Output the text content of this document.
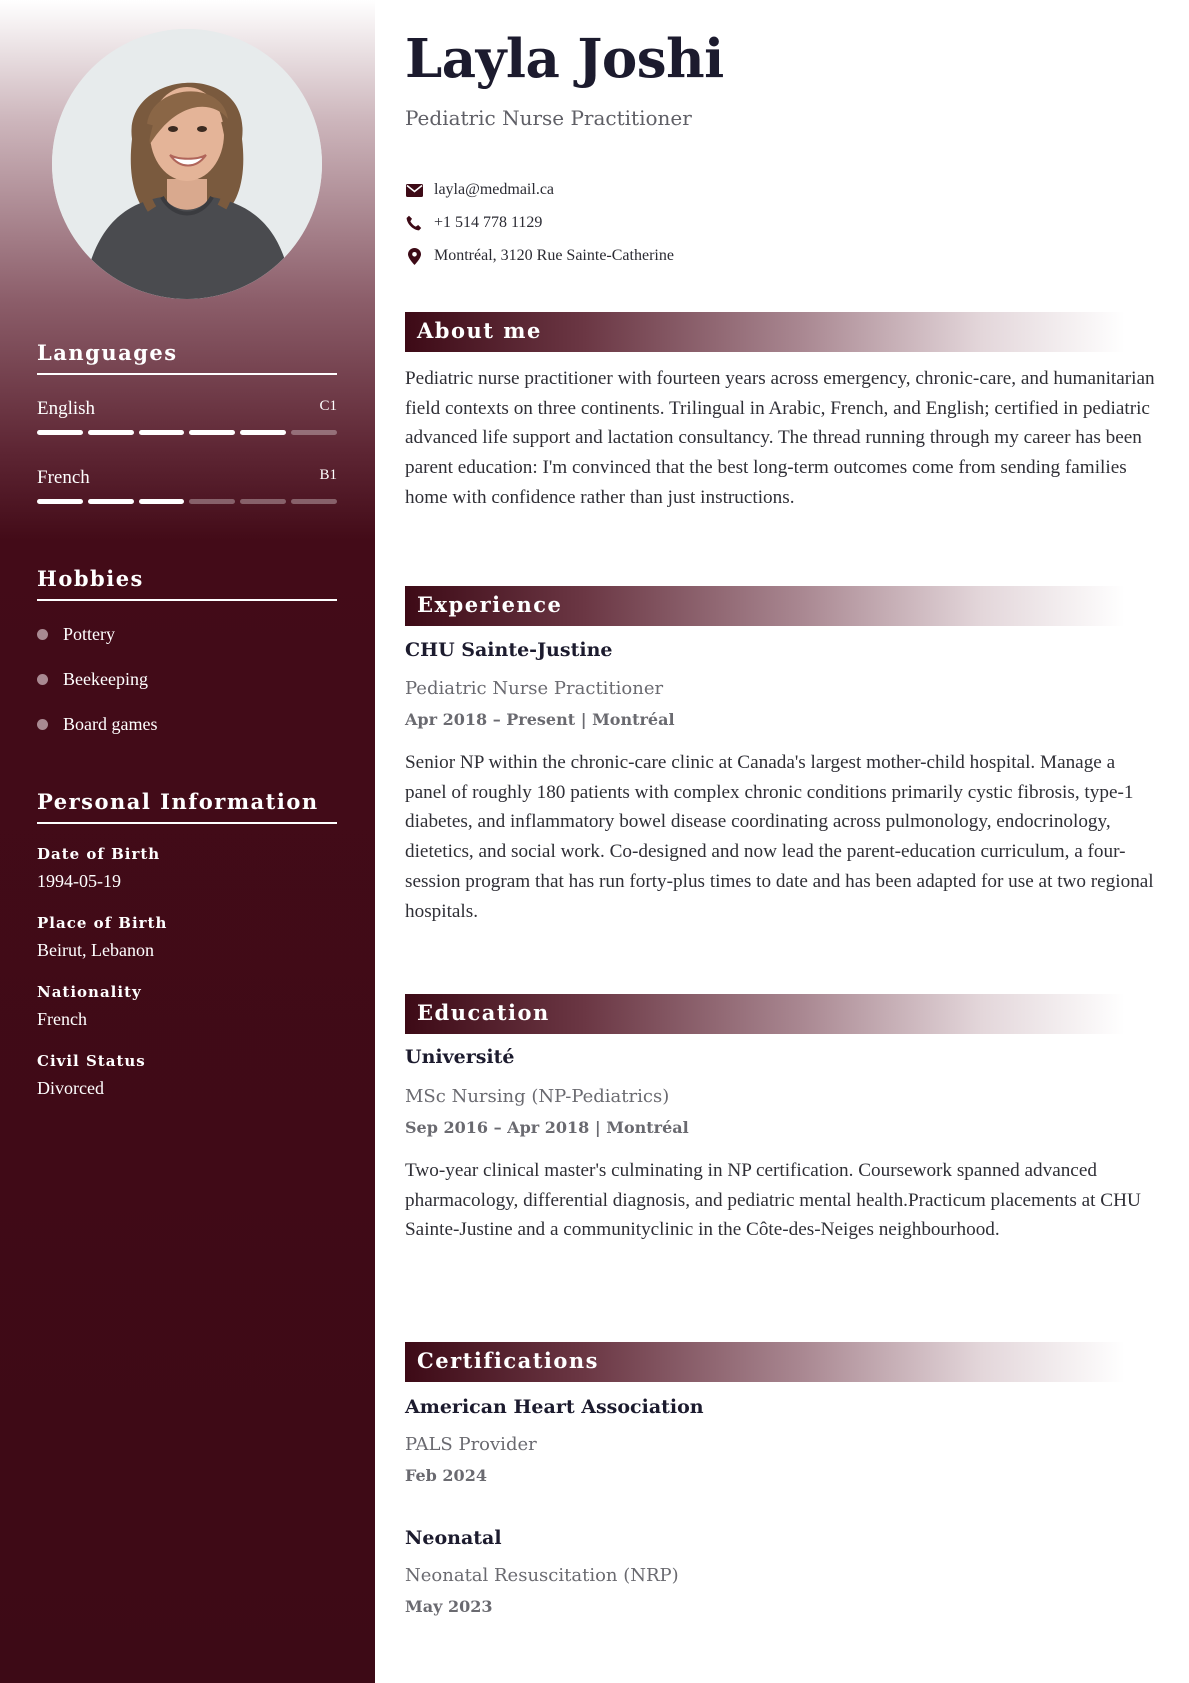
Languages
English	C1
French	B1
Hobbies
Pottery
Beekeeping
Board games
Personal Information
Date of Birth
1994-05-19
Place of Birth
Beirut, Lebanon
Nationality
French
Civil Status
Divorced
Layla Joshi
Pediatric Nurse Practitioner
layla@medmail.ca
+1 514 778 1129
Montréal, 3120 Rue Sainte-Catherine
About me

Pediatric nurse practitioner with fourteen years across emergency, chronic-care, and humanitarian field contexts on three continents. Trilingual in Arabic, French, and English; certified in pediatric advanced life support and lactation consultancy. The thread running through my career has been parent education: I'm convinced that the best long-term outcomes come from sending families home with confidence rather than just instructions.

Experience
CHU Sainte-Justine
Pediatric Nurse Practitioner
Apr 2018 – Present | Montréal

Senior NP within the chronic-care clinic at Canada's largest mother-child hospital. Manage a panel of roughly 180 patients with complex chronic conditions primarily cystic fibrosis, type-1 diabetes, and inflammatory bowel disease coordinating across pulmonology, endocrinology, dietetics, and social work. Co-designed and now lead the parent-education curriculum, a four-session program that has run forty-plus times to date and has been adapted for use at two regional hospitals.

Education
Université
MSc Nursing (NP-Pediatrics)
Sep 2016 – Apr 2018 | Montréal

Two-year clinical master's culminating in NP certification. Coursework spanned advanced pharmacology, differential diagnosis, and pediatric mental health.Practicum placements at CHU Sainte-Justine and a communityclinic in the Côte-des-Neiges neighbourhood.

Certifications
American Heart Association
PALS Provider
Feb 2024
Neonatal
Neonatal Resuscitation (NRP)
May 2023
